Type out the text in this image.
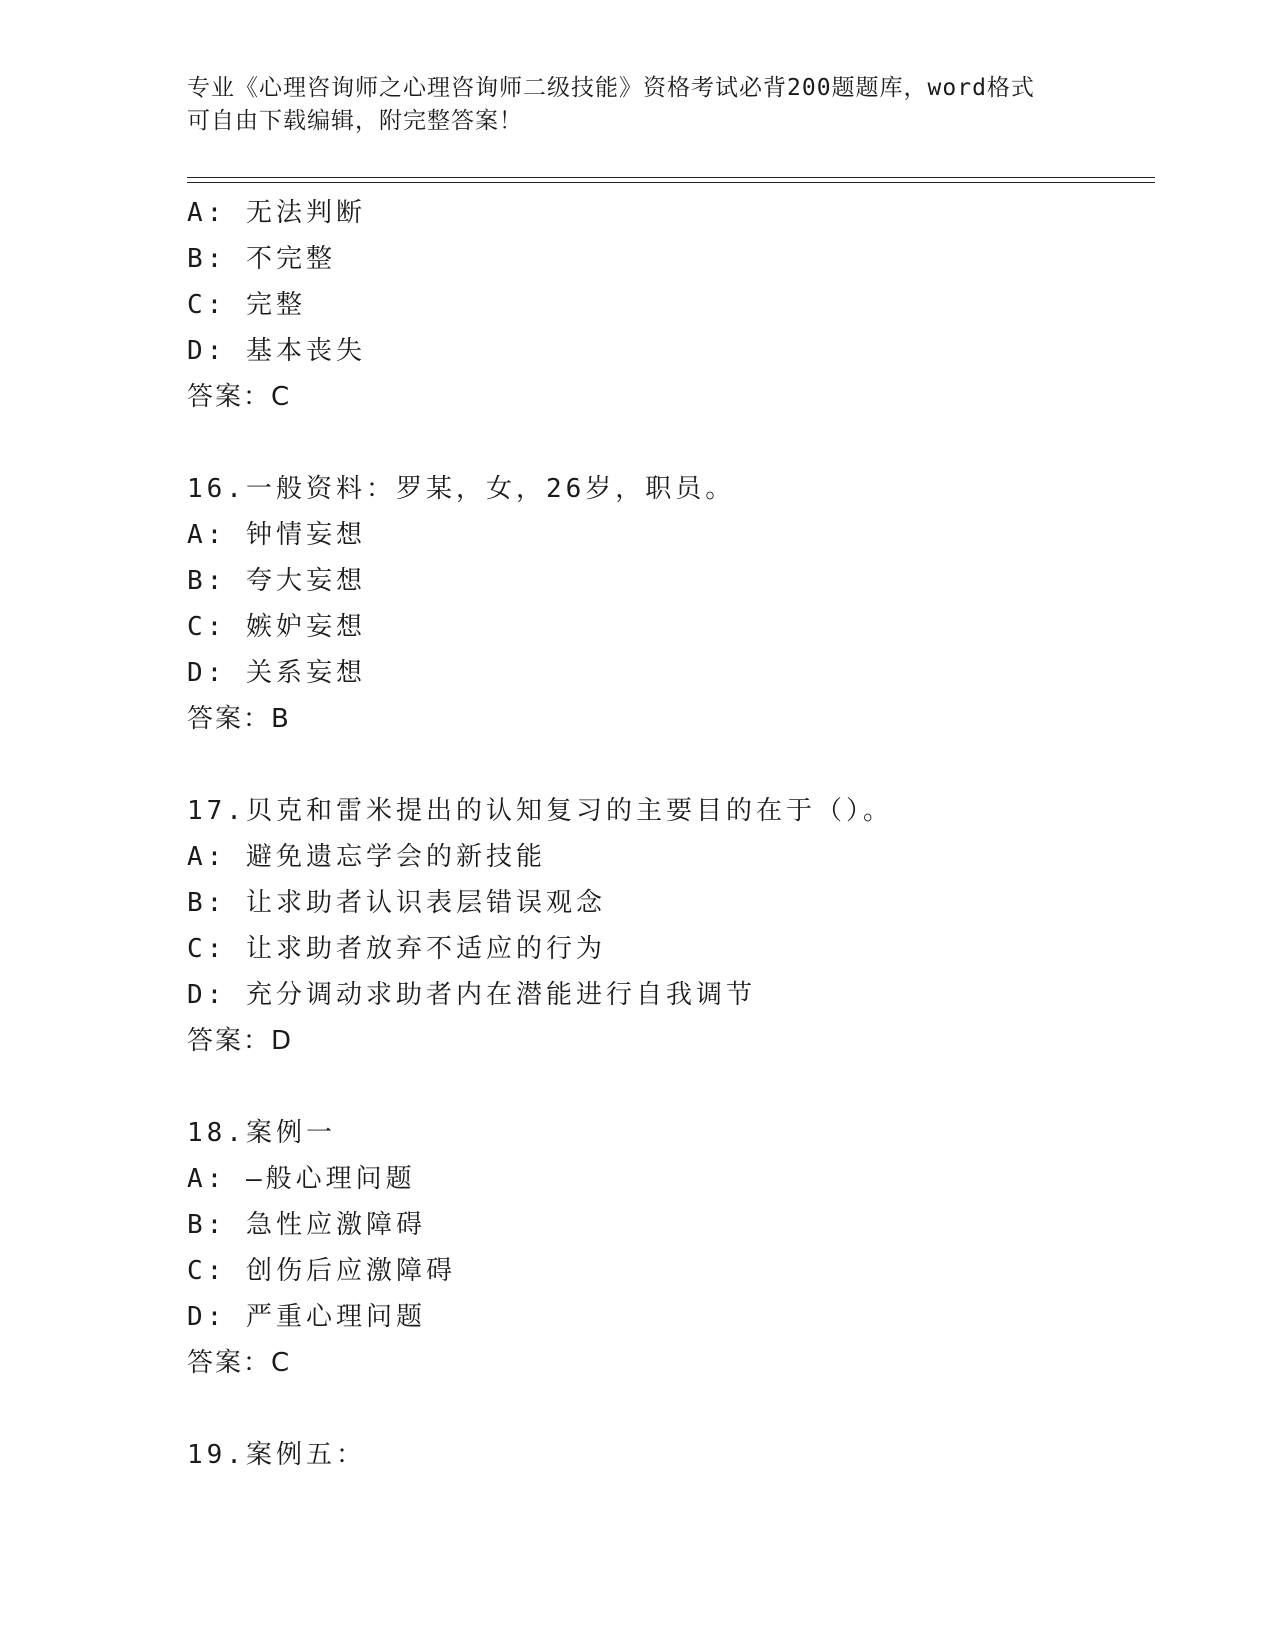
专业《心理咨询师之心理咨询师二级技能》资格考试必背200题题库，word格式

可自由下载编辑，附完整答案！

A: 无法判断
B: 不完整
C: 完整
D: 基本丧失
答案：C
16.一般资料：罗某，女，26岁，职员。
A: 钟情妄想
B: 夸大妄想
C: 嫉妒妄想
D: 关系妄想
答案：B
17.贝克和雷米提出的认知复习的主要目的在于（）。
A: 避免遗忘学会的新技能
B: 让求助者认识表层错误观念
C: 让求助者放弃不适应的行为
D: 充分调动求助者内在潜能进行自我调节
答案：D
18.案例一
A: —般心理问题
B: 急性应激障碍
C: 创伤后应激障碍
D: 严重心理问题
答案：C
19.案例五：
